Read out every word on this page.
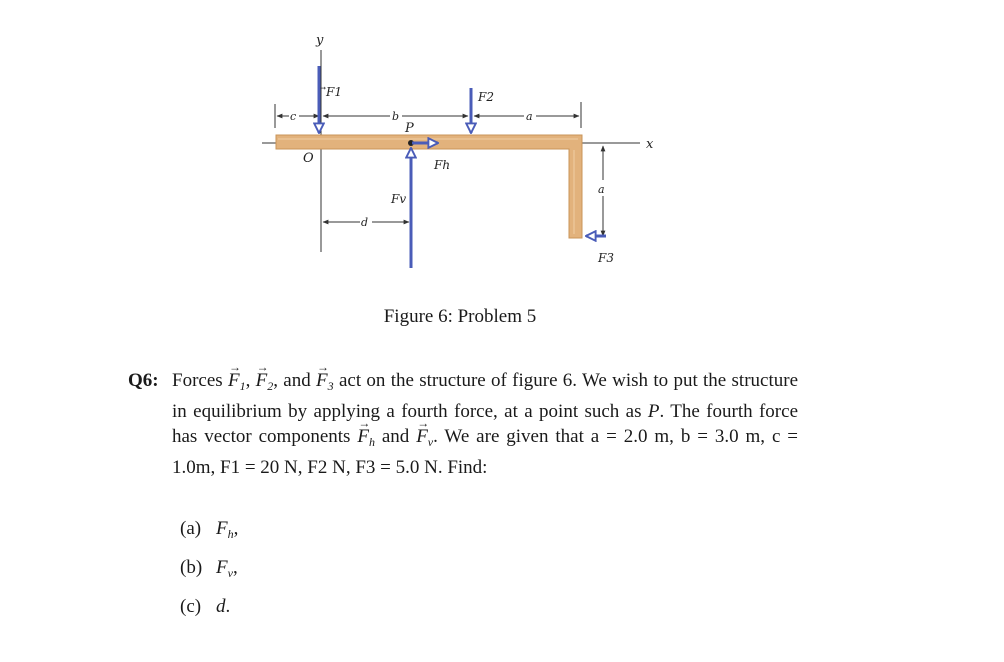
x
y
O
P
c	b	a
a
d
F1	F2
Fh
Fv
F3
Figure 6: Problem 5
Q6: Forces → $F_1$, → $F_2$, and → $F_3$ act on the structure of figure 6. We wish to put the structure in equilibrium by applying a fourth force, at a point such as P. The fourth force has vector components → $F_h$ and → $F_v$. We are given that a = 2.0 m, b = 3.0 m, c = 1.0m, F1 = 20 N, F2 N, F3 = 5.0 N. Find:
(a) $F_h$,
(b) $F_v$,
(c) d.
